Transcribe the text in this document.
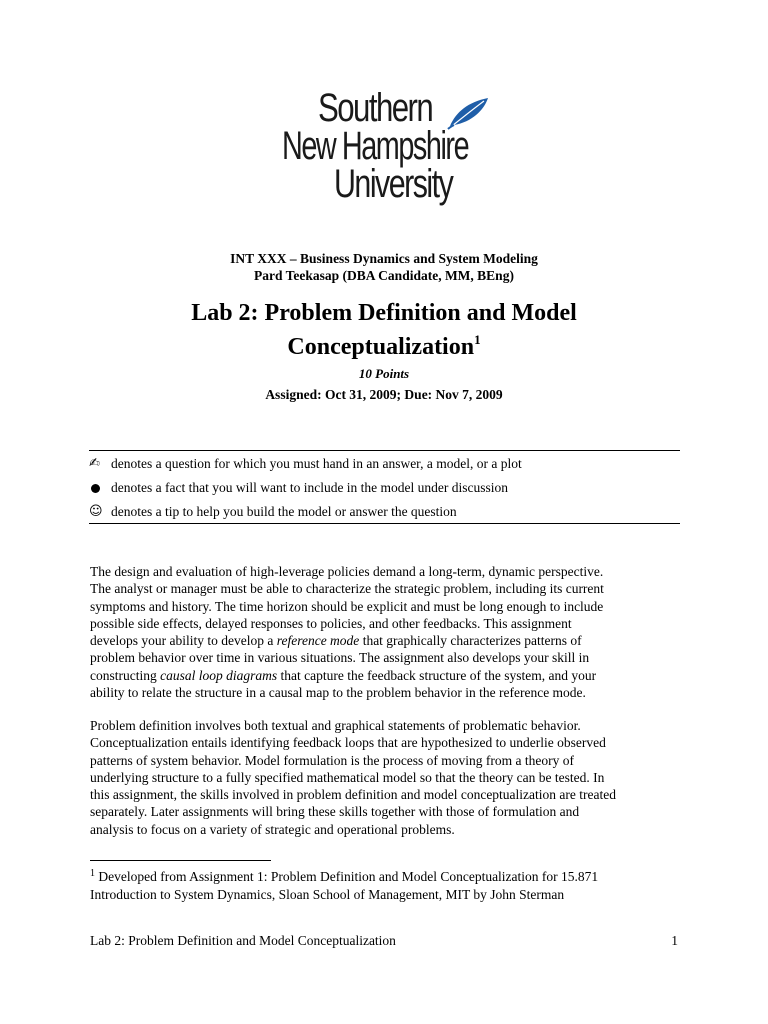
Southern
New Hampshire
University
INT XXX – Business Dynamics and System Modeling
Pard Teekasap (DBA Candidate, MM, BEng)
Lab 2: Problem Definition and Model
Conceptualization$^1$
10 Points
Assigned: Oct 31, 2009; Due: Nov 7, 2009
✍ denotes a question for which you must hand in an answer, a model, or a plot
denotes a fact that you will want to include in the model under discussion
☺ denotes a tip to help you build the model or answer the question
The design and evaluation of high-leverage policies demand a long-term, dynamic perspective.
The analyst or manager must be able to characterize the strategic problem, including its current
symptoms and history. The time horizon should be explicit and must be long enough to include
possible side effects, delayed responses to policies, and other feedbacks. This assignment
develops your ability to develop a reference mode that graphically characterizes patterns of
problem behavior over time in various situations. The assignment also develops your skill in
constructing causal loop diagrams that capture the feedback structure of the system, and your
ability to relate the structure in a causal map to the problem behavior in the reference mode.
Problem definition involves both textual and graphical statements of problematic behavior.
Conceptualization entails identifying feedback loops that are hypothesized to underlie observed
patterns of system behavior. Model formulation is the process of moving from a theory of
underlying structure to a fully specified mathematical model so that the theory can be tested. In
this assignment, the skills involved in problem definition and model conceptualization are treated
separately. Later assignments will bring these skills together with those of formulation and
analysis to focus on a variety of strategic and operational problems.
$^1$ Developed from Assignment 1: Problem Definition and Model Conceptualization for 15.871
Introduction to System Dynamics, Sloan School of Management, MIT by John Sterman
Lab 2: Problem Definition and Model Conceptualization	1
